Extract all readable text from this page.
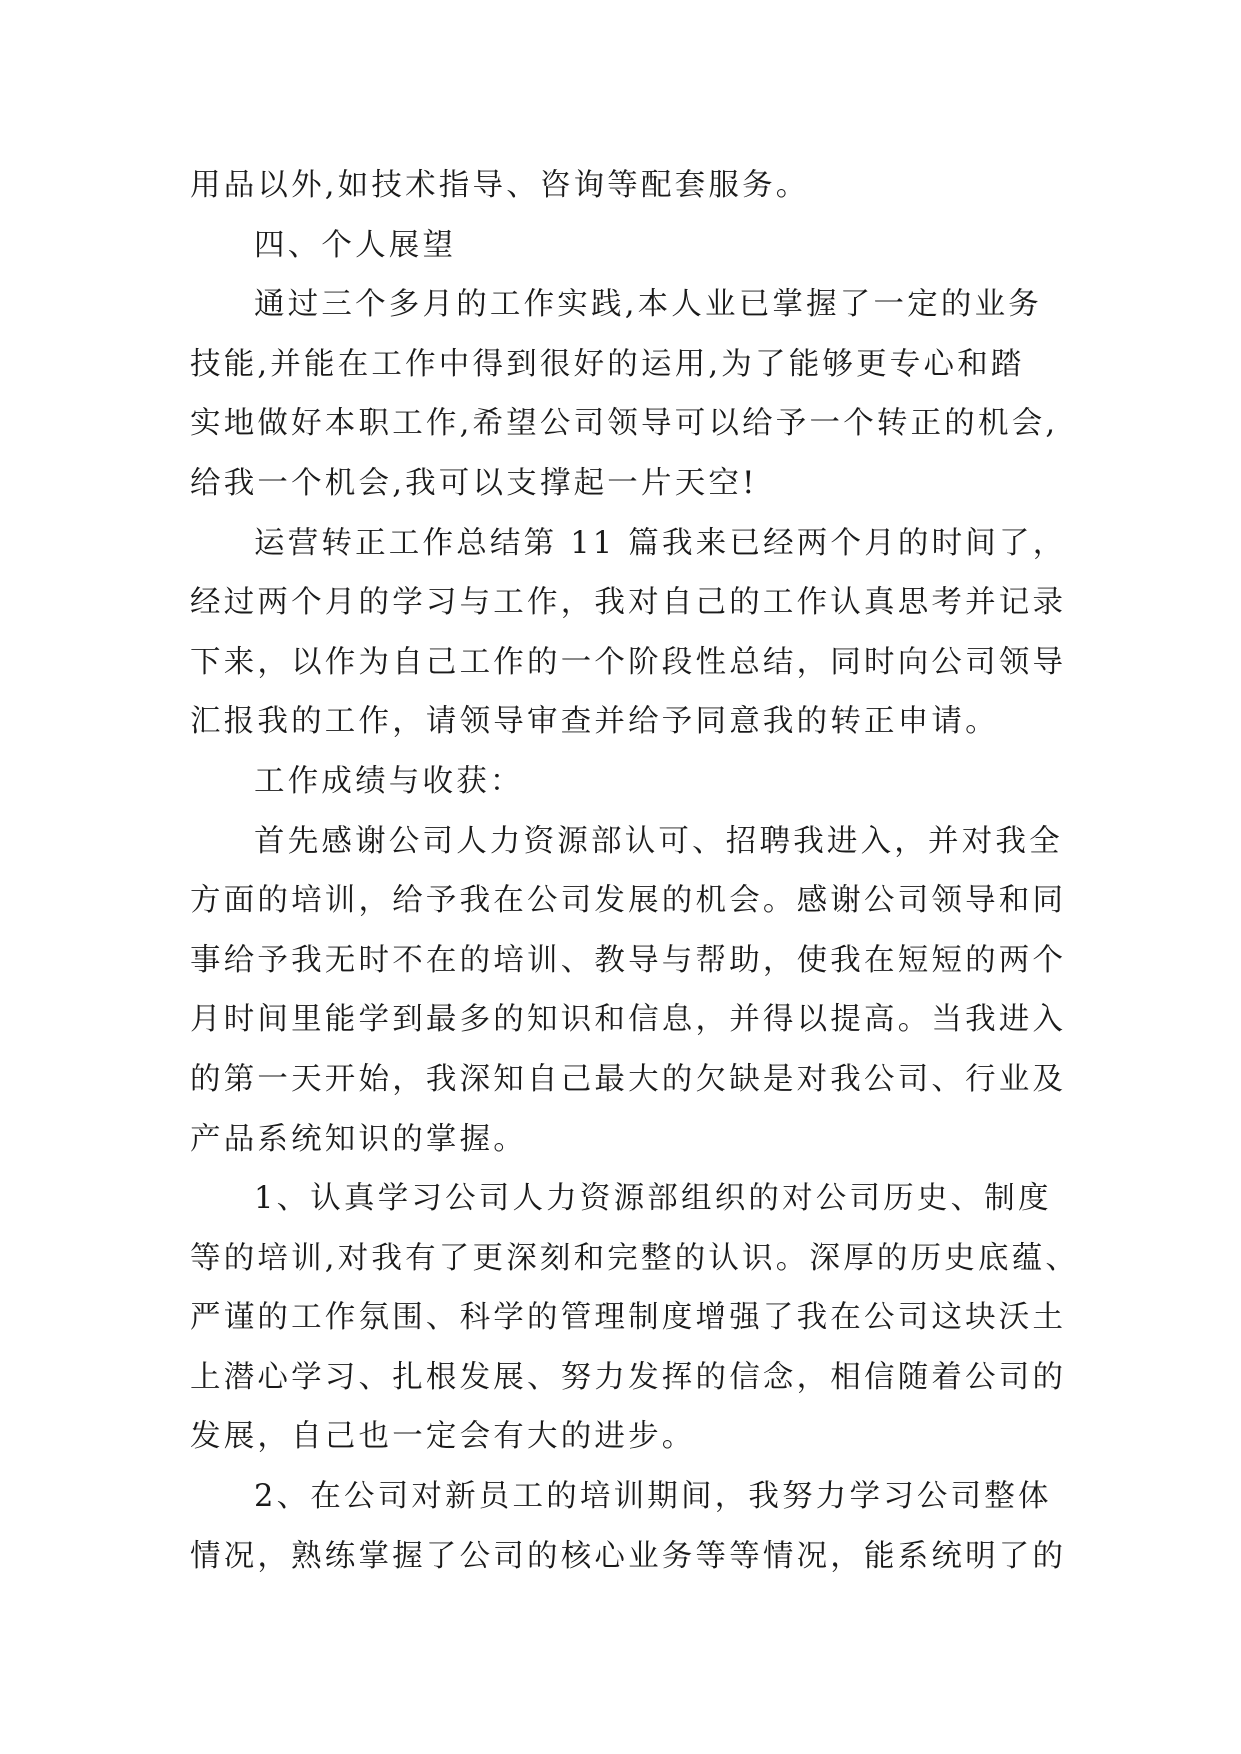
用品以外,如技术指导、咨询等配套服务。
四、个人展望
通过三个多月的工作实践,本人业已掌握了一定的业务
技能,并能在工作中得到很好的运用,为了能够更专心和踏
实地做好本职工作,希望公司领导可以给予一个转正的机会,
给我一个机会,我可以支撑起一片天空!
运营转正工作总结第 11 篇我来已经两个月的时间了，
经过两个月的学习与工作，我对自己的工作认真思考并记录
下来，以作为自己工作的一个阶段性总结，同时向公司领导
汇报我的工作，请领导审查并给予同意我的转正申请。
工作成绩与收获：
首先感谢公司人力资源部认可、招聘我进入，并对我全
方面的培训，给予我在公司发展的机会。感谢公司领导和同
事给予我无时不在的培训、教导与帮助，使我在短短的两个
月时间里能学到最多的知识和信息，并得以提高。当我进入
的第一天开始，我深知自己最大的欠缺是对我公司、行业及
产品系统知识的掌握。
1、认真学习公司人力资源部组织的对公司历史、制度
等的培训,对我有了更深刻和完整的认识。深厚的历史底蕴、
严谨的工作氛围、科学的管理制度增强了我在公司这块沃土
上潜心学习、扎根发展、努力发挥的信念，相信随着公司的
发展，自己也一定会有大的进步。
2、在公司对新员工的培训期间，我努力学习公司整体
情况，熟练掌握了公司的核心业务等等情况，能系统明了的
